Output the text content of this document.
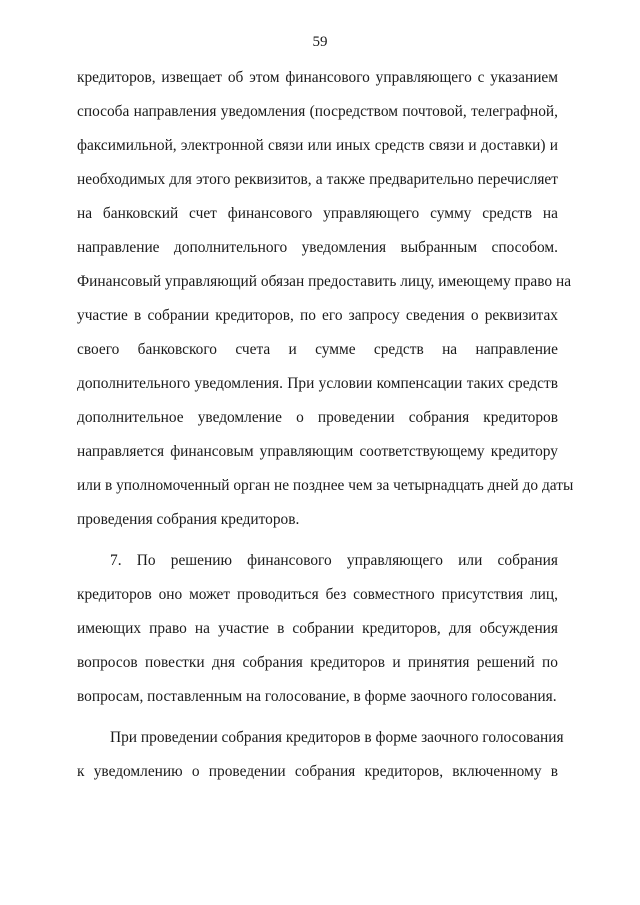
59
кредиторов, извещает об этом финансового управляющего с указанием
способа направления уведомления (посредством почтовой, телеграфной,
факсимильной, электронной связи или иных средств связи и доставки) и
необходимых для этого реквизитов, а также предварительно перечисляет
на банковский счет финансового управляющего сумму средств на
направление дополнительного уведомления выбранным способом.
Финансовый управляющий обязан предоставить лицу, имеющему право на
участие в собрании кредиторов, по его запросу сведения о реквизитах
своего банковского счета и сумме средств на направление
дополнительного уведомления. При условии компенсации таких средств
дополнительное уведомление о проведении собрания кредиторов
направляется финансовым управляющим соответствующему кредитору
или в уполномоченный орган не позднее чем за четырнадцать дней до даты
проведения собрания кредиторов.
7. По решению финансового управляющего или собрания
кредиторов оно может проводиться без совместного присутствия лиц,
имеющих право на участие в собрании кредиторов, для обсуждения
вопросов повестки дня собрания кредиторов и принятия решений по
вопросам, поставленным на голосование, в форме заочного голосования.
При проведении собрания кредиторов в форме заочного голосования
к уведомлению о проведении собрания кредиторов, включенному в
